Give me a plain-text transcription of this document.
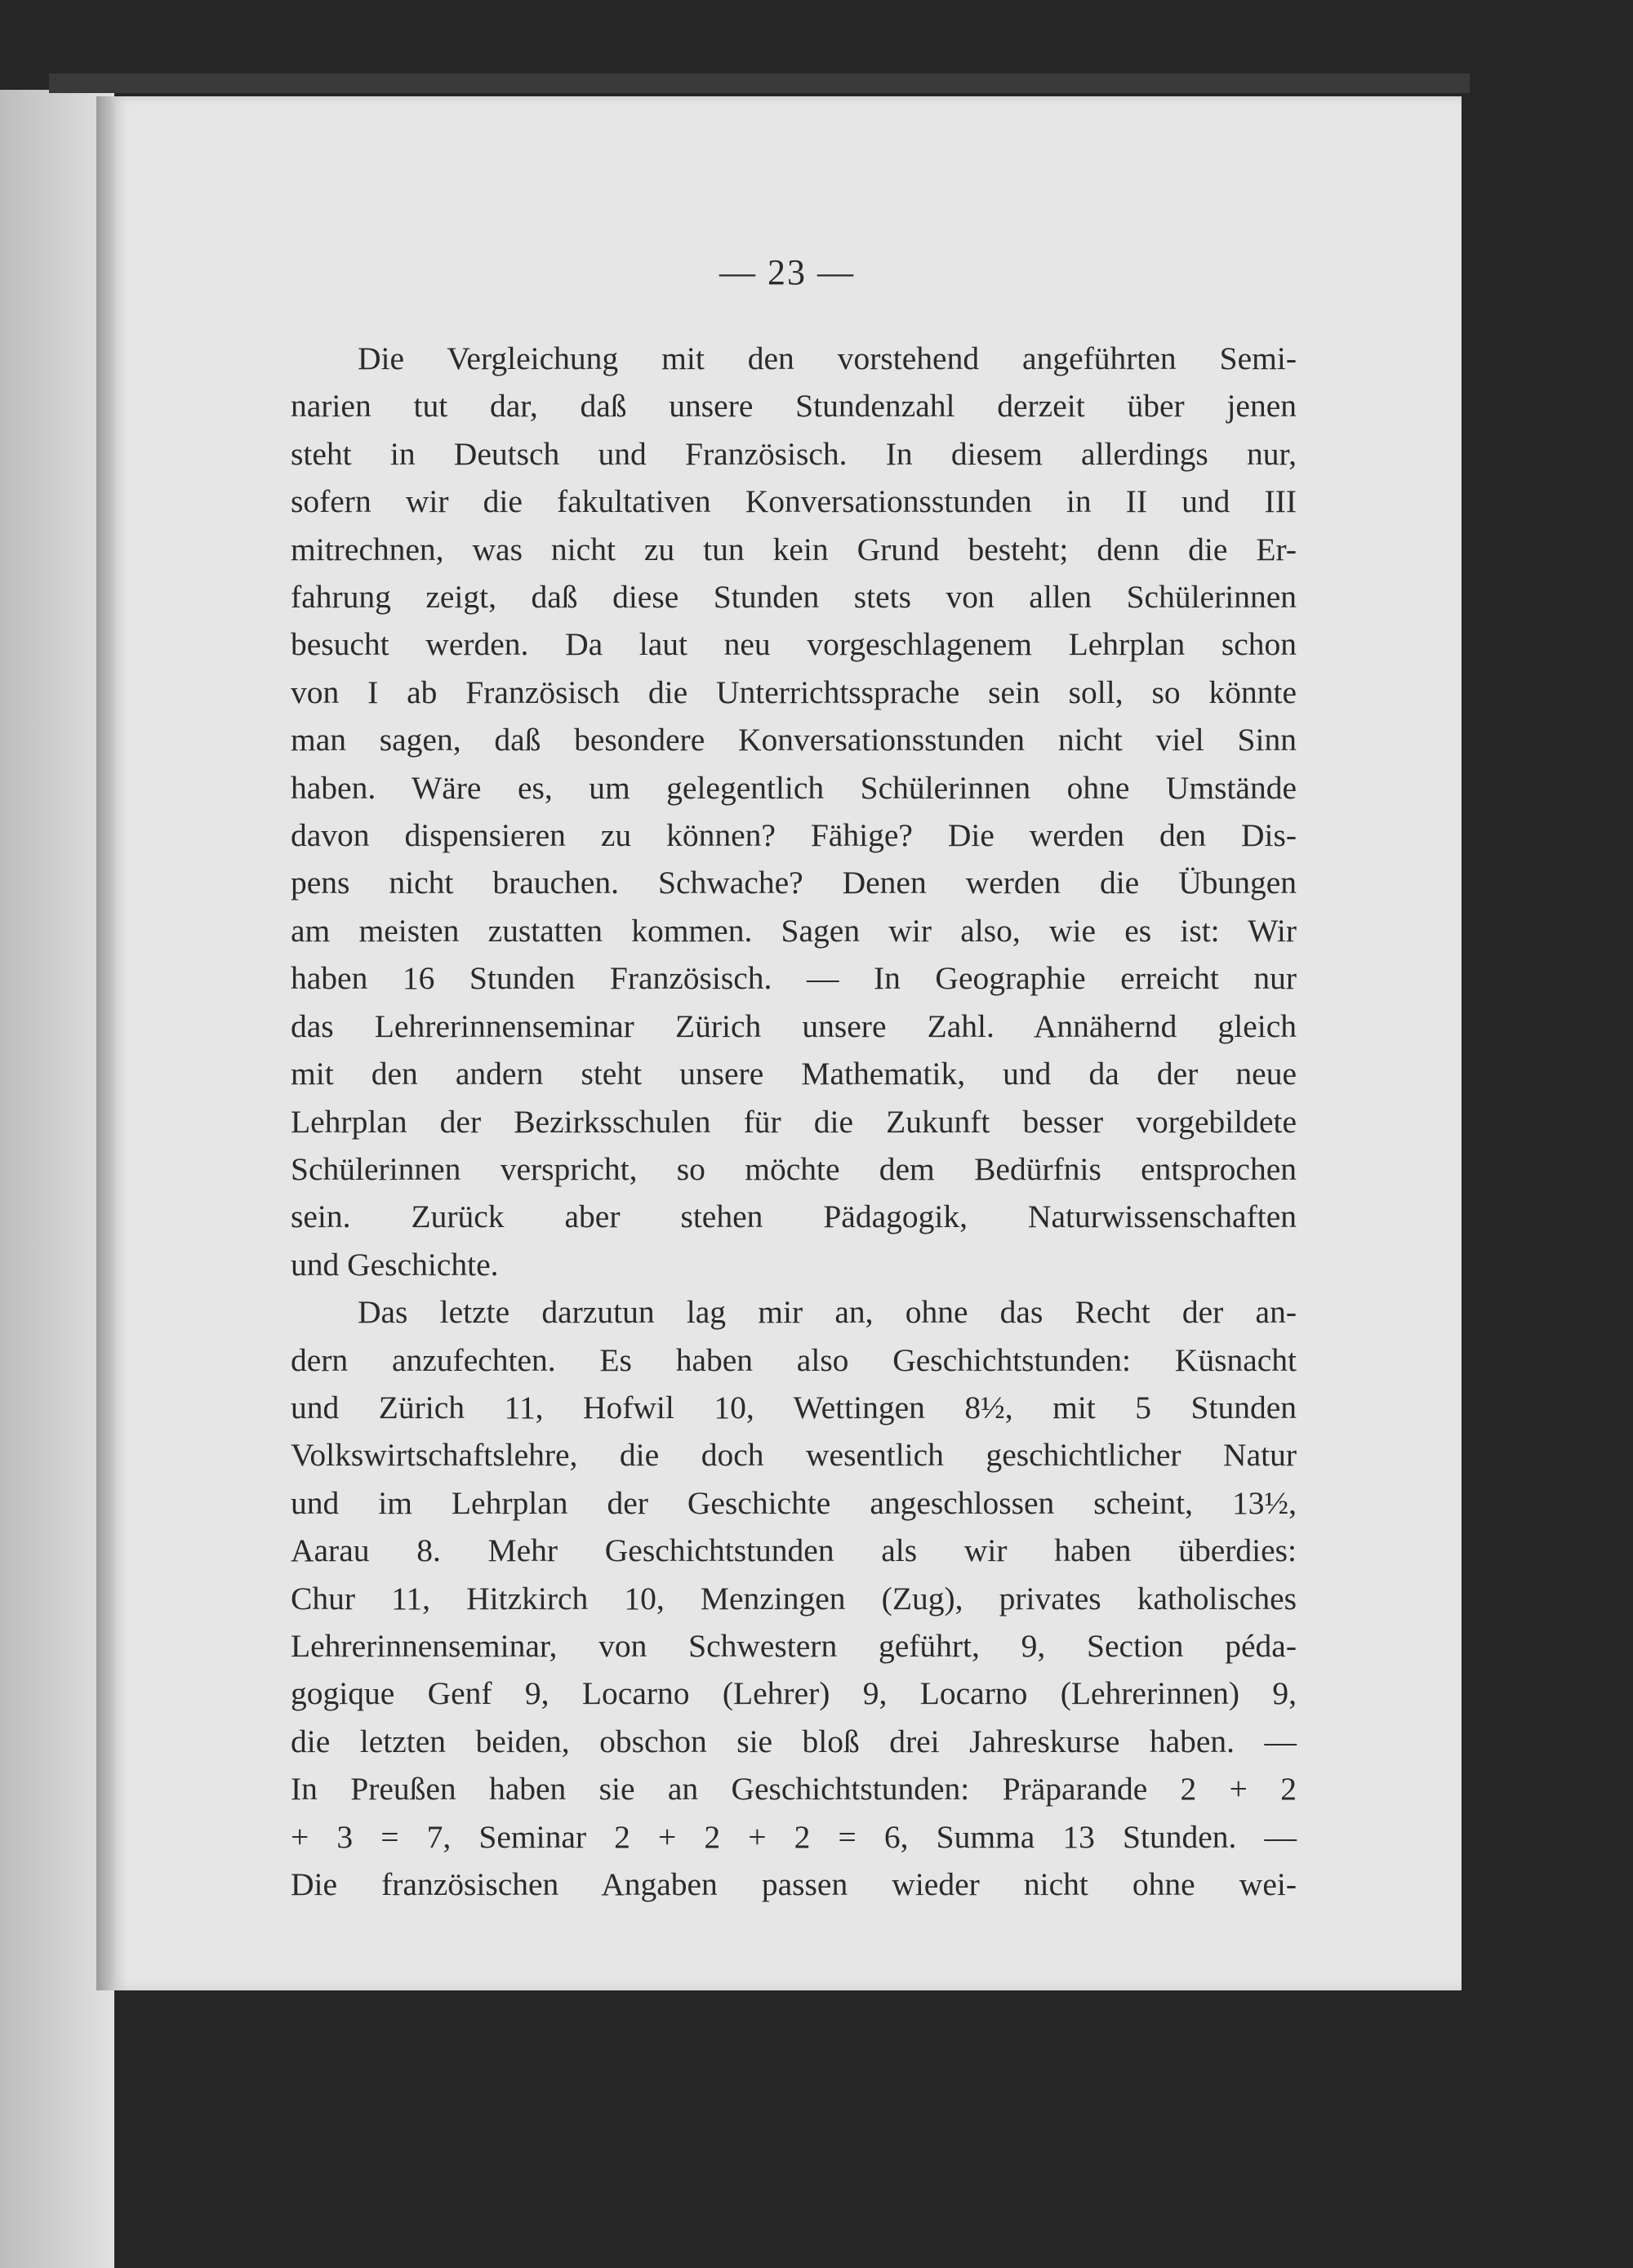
— 23 —
Die Vergleichung mit den vorstehend angeführten Semi-
narien tut dar, daß unsere Stundenzahl derzeit über jenen
steht in Deutsch und Französisch. In diesem allerdings nur,
sofern wir die fakultativen Konversationsstunden in II und III
mitrechnen, was nicht zu tun kein Grund besteht; denn die Er-
fahrung zeigt, daß diese Stunden stets von allen Schülerinnen
besucht werden. Da laut neu vorgeschlagenem Lehrplan schon
von I ab Französisch die Unterrichtssprache sein soll, so könnte
man sagen, daß besondere Konversationsstunden nicht viel Sinn
haben. Wäre es, um gelegentlich Schülerinnen ohne Umstände
davon dispensieren zu können? Fähige? Die werden den Dis-
pens nicht brauchen. Schwache? Denen werden die Übungen
am meisten zustatten kommen. Sagen wir also, wie es ist: Wir
haben 16 Stunden Französisch. — In Geographie erreicht nur
das Lehrerinnenseminar Zürich unsere Zahl. Annähernd gleich
mit den andern steht unsere Mathematik, und da der neue
Lehrplan der Bezirksschulen für die Zukunft besser vorgebildete
Schülerinnen verspricht, so möchte dem Bedürfnis entsprochen
sein. Zurück aber stehen Pädagogik, Naturwissenschaften
und Geschichte.
Das letzte darzutun lag mir an, ohne das Recht der an-
dern anzufechten. Es haben also Geschichtstunden: Küsnacht
und Zürich 11, Hofwil 10, Wettingen 8½, mit 5 Stunden
Volkswirtschaftslehre, die doch wesentlich geschichtlicher Natur
und im Lehrplan der Geschichte angeschlossen scheint, 13½,
Aarau 8. Mehr Geschichtstunden als wir haben überdies:
Chur 11, Hitzkirch 10, Menzingen (Zug), privates katholisches
Lehrerinnenseminar, von Schwestern geführt, 9, Section péda-
gogique Genf 9, Locarno (Lehrer) 9, Locarno (Lehrerinnen) 9,
die letzten beiden, obschon sie bloß drei Jahreskurse haben. —
In Preußen haben sie an Geschichtstunden: Präparande 2 + 2
+ 3 = 7, Seminar 2 + 2 + 2 = 6, Summa 13 Stunden. —
Die französischen Angaben passen wieder nicht ohne wei-
